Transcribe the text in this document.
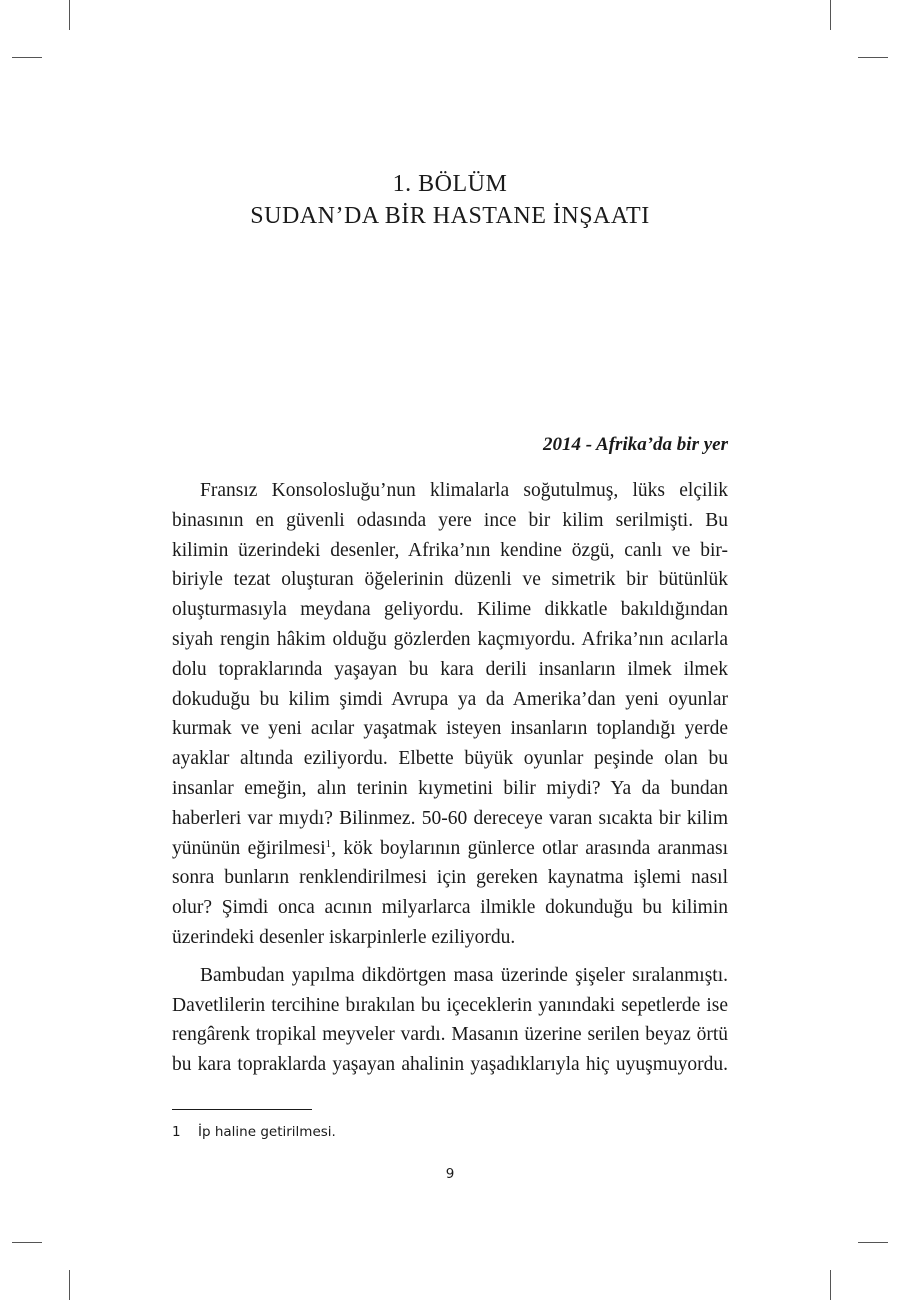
1. BÖLÜM
SUDAN’DA BİR HASTANE İNŞAATI
2014 - Afrika’da bir yer
Fransız Konsolosluğu’nun klimalarla soğutulmuş, lüks elçilik
binasının en güvenli odasında yere ince bir kilim serilmişti. Bu
kilimin üzerindeki desenler, Afrika’nın kendine özgü, canlı ve bir-
biriyle tezat oluşturan öğelerinin düzenli ve simetrik bir bütünlük
oluşturmasıyla meydana geliyordu. Kilime dikkatle bakıldığından
siyah rengin hâkim olduğu gözlerden kaçmıyordu. Afrika’nın acılarla
dolu topraklarında yaşayan bu kara derili insanların ilmek ilmek
dokuduğu bu kilim şimdi Avrupa ya da Amerika’dan yeni oyunlar
kurmak ve yeni acılar yaşatmak isteyen insanların toplandığı yerde
ayaklar altında eziliyordu. Elbette büyük oyunlar peşinde olan bu
insanlar emeğin, alın terinin kıymetini bilir miydi? Ya da bundan
haberleri var mıydı? Bilinmez. 50-60 dereceye varan sıcakta bir kilim
yününün eğirilmesi$^1$, kök boylarının günlerce otlar arasında aranması
sonra bunların renklendirilmesi için gereken kaynatma işlemi nasıl
olur? Şimdi onca acının milyarlarca ilmikle dokunduğu bu kilimin
üzerindeki desenler iskarpinlerle eziliyordu.
Bambudan yapılma dikdörtgen masa üzerinde şişeler sıralanmıştı.
Davetlilerin tercihine bırakılan bu içeceklerin yanındaki sepetlerde ise
rengârenk tropikal meyveler vardı. Masanın üzerine serilen beyaz örtü
bu kara topraklarda yaşayan ahalinin yaşadıklarıyla hiç uyuşmuyordu.
1 İp haline getirilmesi.
9
